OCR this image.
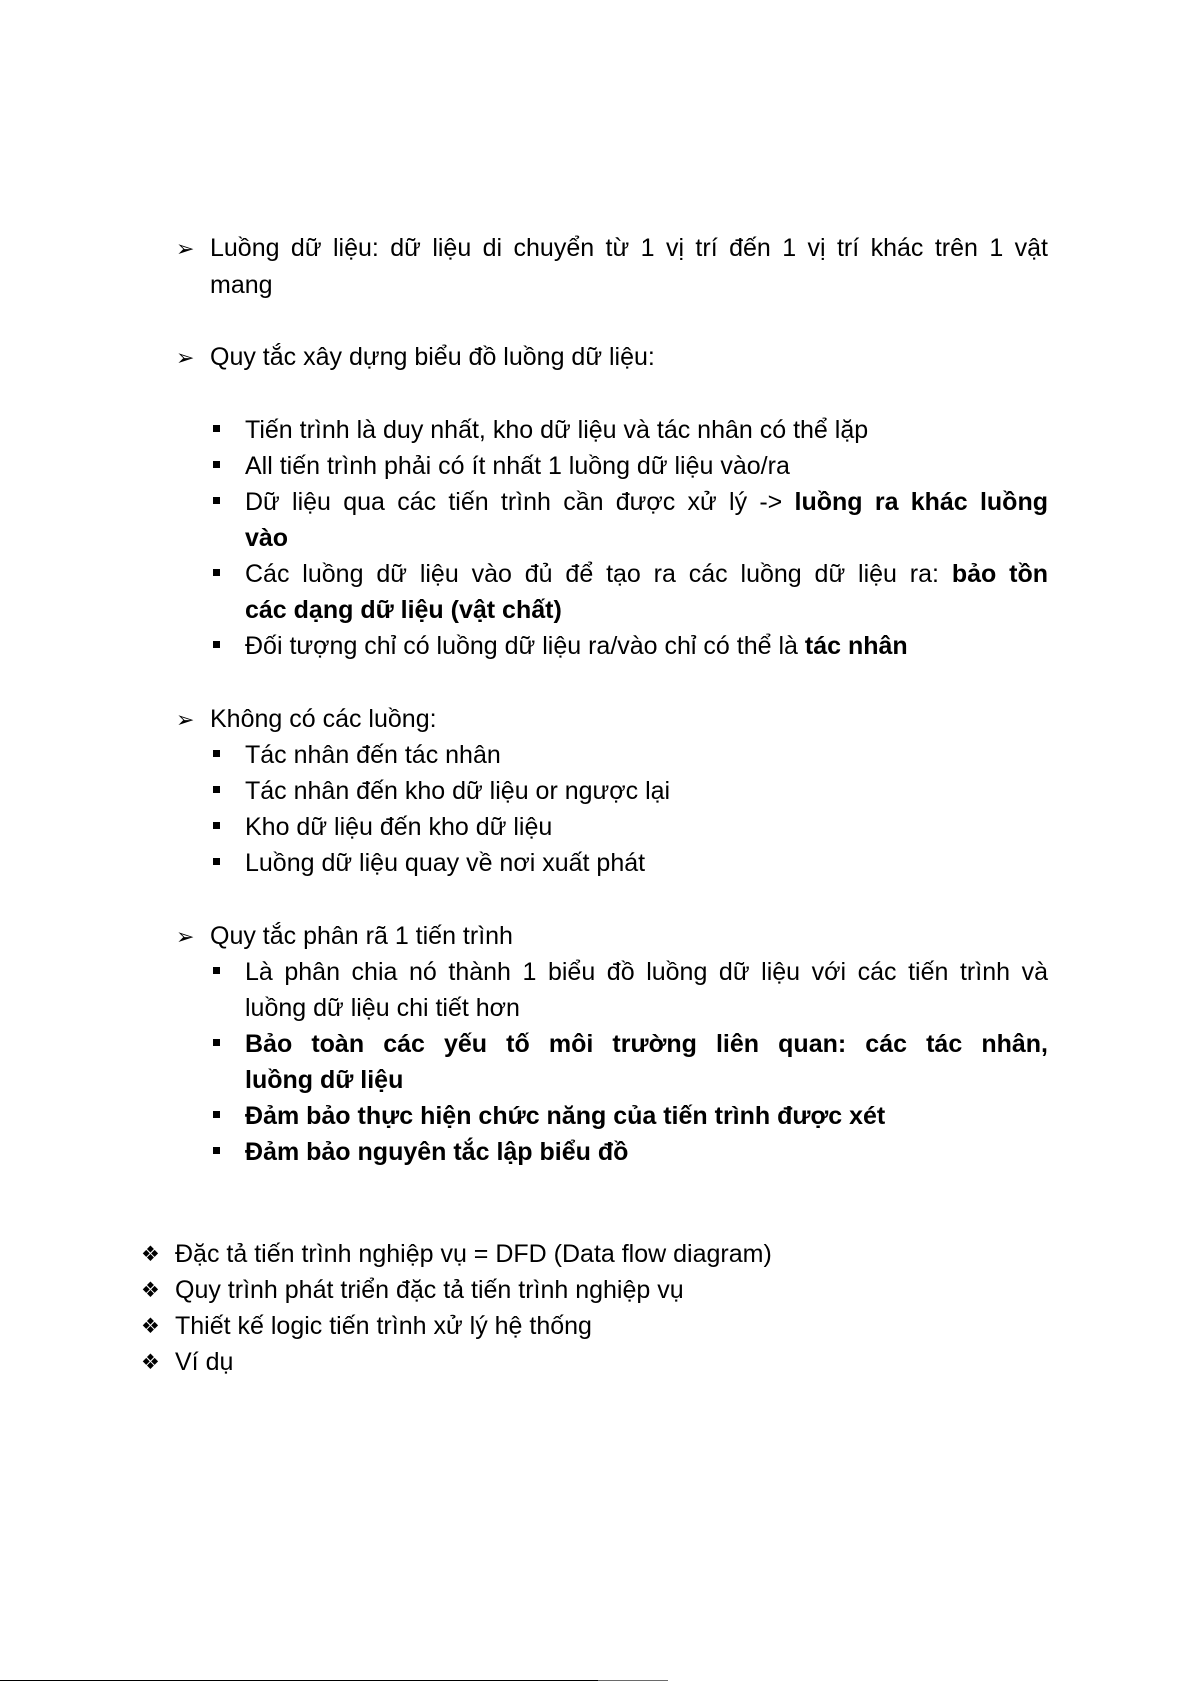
➢ Luồng dữ liệu: dữ liệu di chuyển từ 1 vị trí đến 1 vị trí khác trên 1 vật
mang
➢ Quy tắc xây dựng biểu đồ luồng dữ liệu:
Tiến trình là duy nhất, kho dữ liệu và tác nhân có thể lặp
All tiến trình phải có ít nhất 1 luồng dữ liệu vào/ra
Dữ liệu qua các tiến trình cần được xử lý -> luồng ra khác luồng
vào
Các luồng dữ liệu vào đủ để tạo ra các luồng dữ liệu ra: bảo tồn
các dạng dữ liệu (vật chất)
Đối tượng chỉ có luồng dữ liệu ra/vào chỉ có thể là tác nhân
➢ Không có các luồng:
Tác nhân đến tác nhân
Tác nhân đến kho dữ liệu or ngược lại
Kho dữ liệu đến kho dữ liệu
Luồng dữ liệu quay về nơi xuất phát
➢ Quy tắc phân rã 1 tiến trình
Là phân chia nó thành 1 biểu đồ luồng dữ liệu với các tiến trình và
luồng dữ liệu chi tiết hơn
Bảo toàn các yếu tố môi trường liên quan: các tác nhân,
luồng dữ liệu
Đảm bảo thực hiện chức năng của tiến trình được xét
Đảm bảo nguyên tắc lập biểu đồ
❖ Đặc tả tiến trình nghiệp vụ = DFD (Data flow diagram)
❖ Quy trình phát triển đặc tả tiến trình nghiệp vụ
❖ Thiết kế logic tiến trình xử lý hệ thống
❖ Ví dụ
